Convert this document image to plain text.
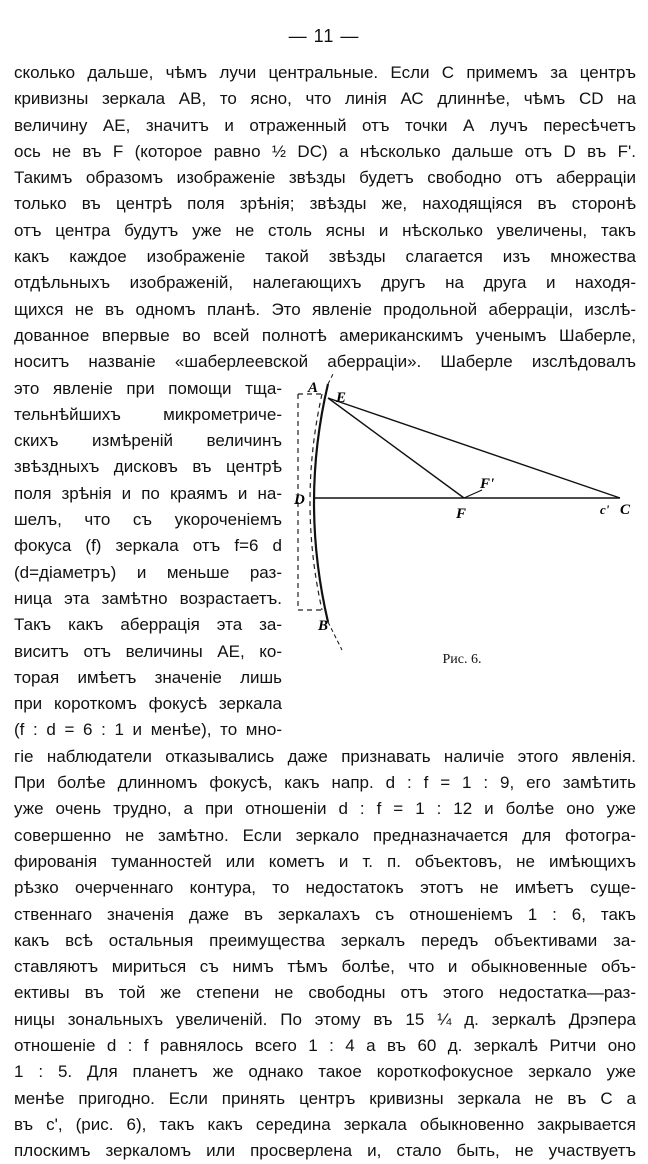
— 11 —
сколько дальше, чѣмъ лучи центральные. Если С примемъ за центръ
кривизны зеркала АВ, то ясно, что линія АС длиннѣе, чѣмъ CD на
величину АЕ, значитъ и отраженный отъ точки А лучъ пересѣчетъ
ось не въ F (которое равно ½ DC) а нѣсколько дальше отъ D въ F'.
Такимъ образомъ изображеніе звѣзды будетъ свободно отъ аберраціи
только въ центрѣ поля зрѣнія; звѣзды же, находящіяся въ сторонѣ
отъ центра будутъ уже не столь ясны и нѣсколько увеличены, такъ
какъ каждое изображеніе такой звѣзды слагается изъ множества
отдѣльныхъ изображеній, налегающихъ другъ на друга и находя-
щихся не въ одномъ планѣ. Это явленіе продольной аберраціи, изслѣ-
дованное впервые во всей полнотѣ американскимъ ученымъ Шаберле,
носитъ названіе «шаберлеевской аберраціи». Шаберле изслѣдовалъ
это явленіе при помощи тща-
тельнѣйшихъ микрометриче-
скихъ измѣреній величинъ
звѣздныхъ дисковъ въ центрѣ
поля зрѣнія и по краямъ и на-
шелъ, что съ укороченіемъ
фокуса (f) зеркала отъ f=6 d
(d=діаметръ) и меньше раз-
ница эта замѣтно возрастаетъ.
Такъ какъ аберрація эта за-
виситъ отъ величины АЕ, ко-
торая имѣетъ значеніе лишь
при короткомъ фокусѣ зеркала
(f : d = 6 : 1 и менѣе), то мно-
гіе наблюдатели отказывались даже признавать наличіе этого явленія.
При болѣе длинномъ фокусѣ, какъ напр. d : f = 1 : 9, его замѣтить
уже очень трудно, а при отношеніи d : f = 1 : 12 и болѣе оно уже
совершенно не замѣтно. Если зеркало предназначается для фотогра-
фированія туманностей или кометъ и т. п. объектовъ, не имѣющихъ
рѣзко очерченнаго контура, то недостатокъ этотъ не имѣетъ суще-
ственнаго значенія даже въ зеркалахъ съ отношеніемъ 1 : 6, такъ
какъ всѣ остальныя преимущества зеркалъ передъ объективами за-
ставляютъ мириться съ нимъ тѣмъ болѣе, что и обыкновенные объ-
ективы въ той же степени не свободны отъ этого недостатка—раз-
ницы зональныхъ увеличеній. По этому въ 15 ¼ д. зеркалѣ Дрэпера
отношеніе d : f равнялось всего 1 : 4 а въ 60 д. зеркалѣ Ритчи оно
1 : 5. Для планетъ же однако такое короткофокусное зеркало уже
менѣе пригодно. Если принять центръ кривизны зеркала не въ С а
въ с', (рис. 6), такъ какъ середина зеркала обыкновенно закрывается
плоскимъ зеркаломъ или просверлена и, стало быть, не участвуетъ
A
E
D
F
F'
c' C
B
Рис. 6.
